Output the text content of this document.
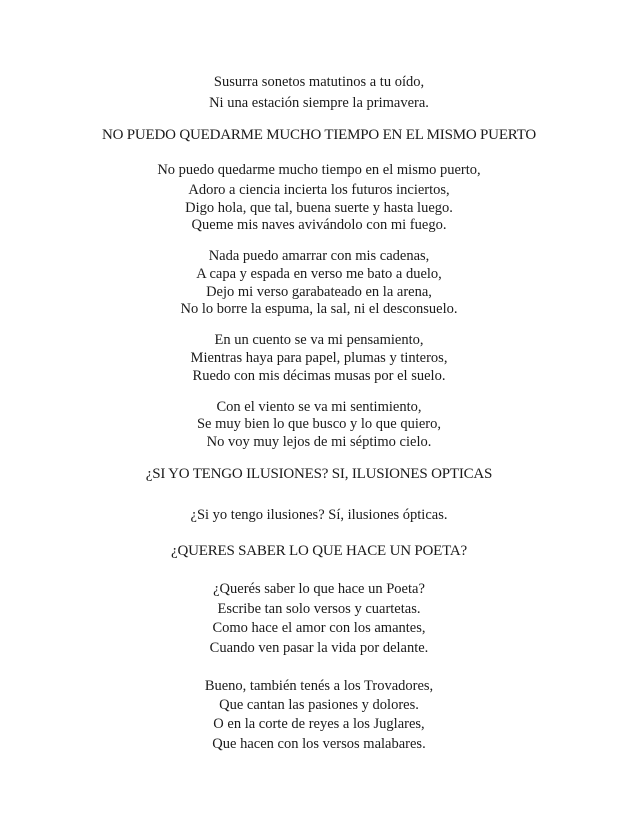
Susurra sonetos matutinos a tu oído,
Ni una estación siempre la primavera.
NO PUEDO QUEDARME MUCHO TIEMPO EN EL MISMO PUERTO
No puedo quedarme mucho tiempo en el mismo puerto,
Adoro a ciencia incierta los futuros inciertos,
Digo hola, que tal, buena suerte y hasta luego.
Queme mis naves avivándolo con mi fuego.
Nada puedo amarrar con mis cadenas,
A capa y espada en verso me bato a duelo,
Dejo mi verso garabateado en la arena,
No lo borre la espuma, la sal, ni el desconsuelo.
En un cuento se va mi pensamiento,
Mientras haya para papel, plumas y tinteros,
Ruedo con mis décimas musas por el suelo.
Con el viento se va mi sentimiento,
Se muy bien lo que busco y lo que quiero,
No voy muy lejos de mi séptimo cielo.
¿SI YO TENGO ILUSIONES? SI, ILUSIONES OPTICAS
¿Si yo tengo ilusiones? Sí, ilusiones ópticas.
¿QUERES SABER LO QUE HACE UN POETA?
¿Querés saber lo que hace un Poeta?
Escribe tan solo versos y cuartetas.
Como hace el amor con los amantes,
Cuando ven pasar la vida por delante.
Bueno, también tenés a los Trovadores,
Que cantan las pasiones y dolores.
O en la corte de reyes a los Juglares,
Que hacen con los versos malabares.
